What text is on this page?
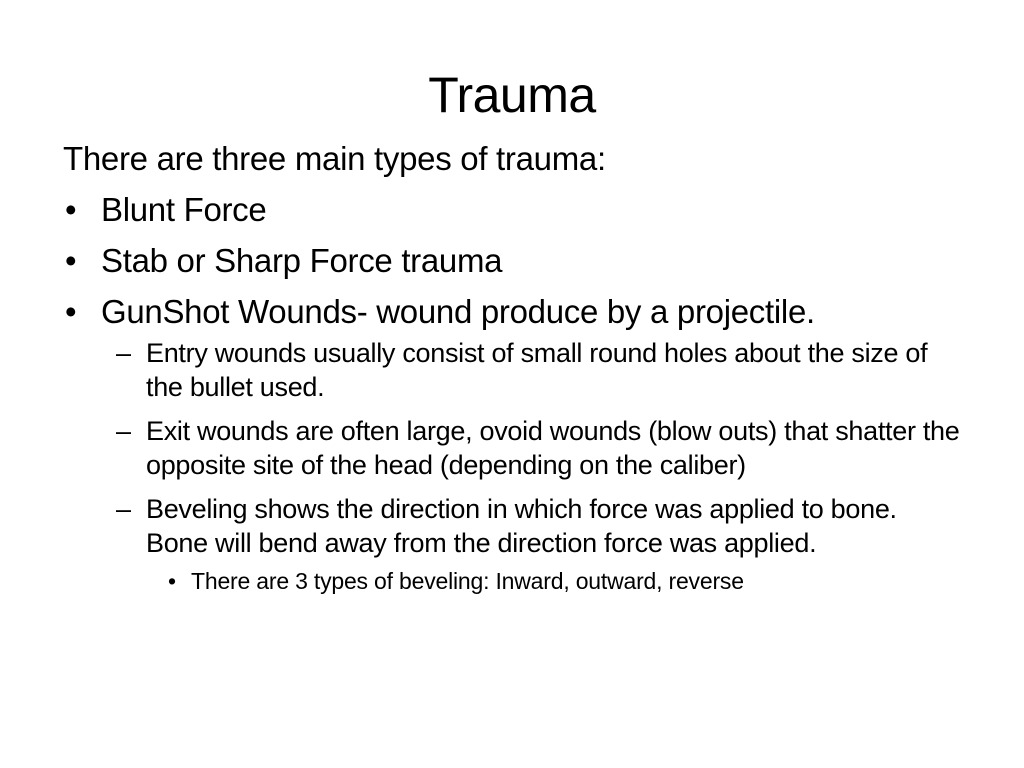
Trauma

There are three main types of trauma:

• Blunt Force
• Stab or Sharp Force trauma
• GunShot Wounds- wound produce by a projectile.
– Entry wounds usually consist of small round holes about the size of the bullet used.
– Exit wounds are often large, ovoid wounds (blow outs) that shatter the opposite site of the head (depending on the caliber)
– Beveling shows the direction in which force was applied to bone.  Bone will bend away from the direction force was applied.
• There are 3 types of beveling: Inward, outward, reverse
